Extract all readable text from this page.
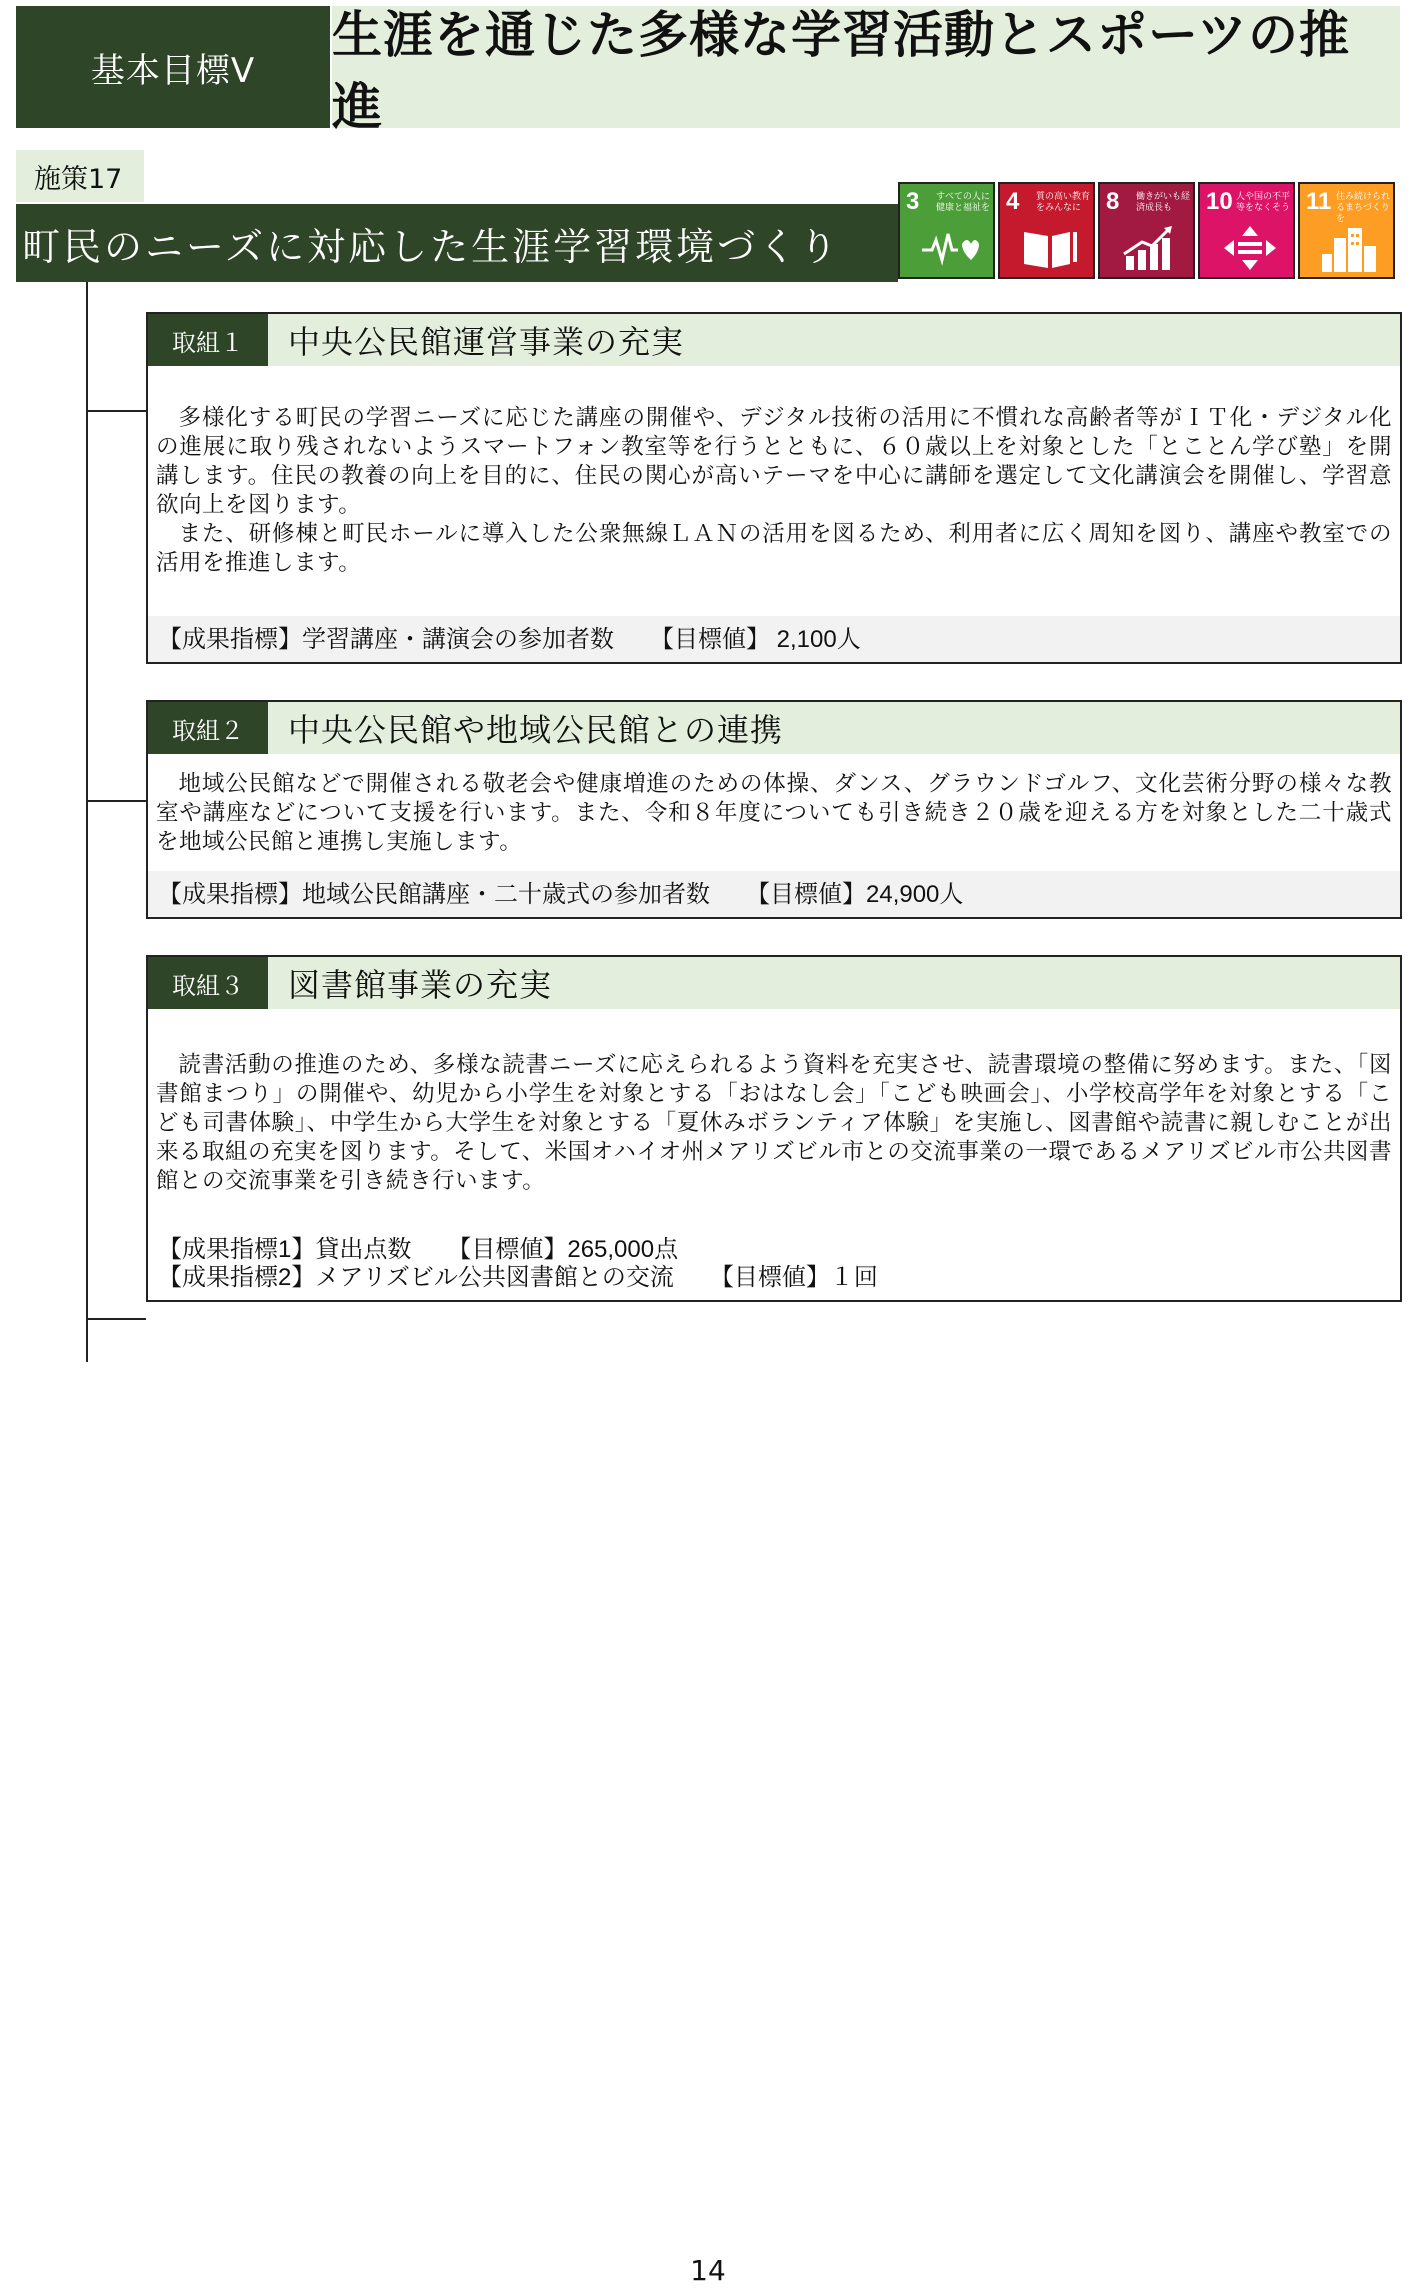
基本目標Ⅴ
生涯を通じた多様な学習活動とスポーツの推進
施策17
町民のニーズに対応した生涯学習環境づくり
3 すべての人に健康と福祉を 4 質の高い教育をみんなに	8 働きがいも経済成長も	10 人や国の不平等をなくそう 11 住み続けられるまちづくりを
取組１	中央公民館運営事業の充実

多様化する町民の学習ニーズに応じた講座の開催や、デジタル技術の活用に不慣れな高齢者等がＩＴ化・デジタル化の進展に取り残されないようスマートフォン教室等を行うとともに、６０歳以上を対象とした「とことん学び塾」を開講します。住民の教養の向上を目的に、住民の関心が高いテーマを中心に講師を選定して文化講演会を開催し、学習意欲向上を図ります。

また、研修棟と町民ホールに導入した公衆無線ＬＡＮの活用を図るため、利用者に広く周知を図り、講座や教室での活用を推進します。

【成果指標】学習講座・講演会の参加者数　　【目標値】 2,100人
取組２	中央公民館や地域公民館との連携

地域公民館などで開催される敬老会や健康増進のための体操、ダンス、グラウンドゴルフ、文化芸術分野の様々な教室や講座などについて支援を行います。また、令和８年度についても引き続き２０歳を迎える方を対象とした二十歳式を地域公民館と連携し実施します。

【成果指標】地域公民館講座・二十歳式の参加者数　　【目標値】24,900人
取組３	図書館事業の充実

読書活動の推進のため、多様な読書ニーズに応えられるよう資料を充実させ、読書環境の整備に努めます。また、「図書館まつり」の開催や、幼児から小学生を対象とする「おはなし会」「こども映画会」、小学校高学年を対象とする「こども司書体験」、中学生から大学生を対象とする「夏休みボランティア体験」を実施し、図書館や読書に親しむことが出来る取組の充実を図ります。そして、米国オハイオ州メアリズビル市との交流事業の一環であるメアリズビル市公共図書館との交流事業を引き続き行います。

【成果指標1】貸出点数　　【目標値】265,000点
【成果指標2】メアリズビル公共図書館との交流　　【目標値】１回
14
